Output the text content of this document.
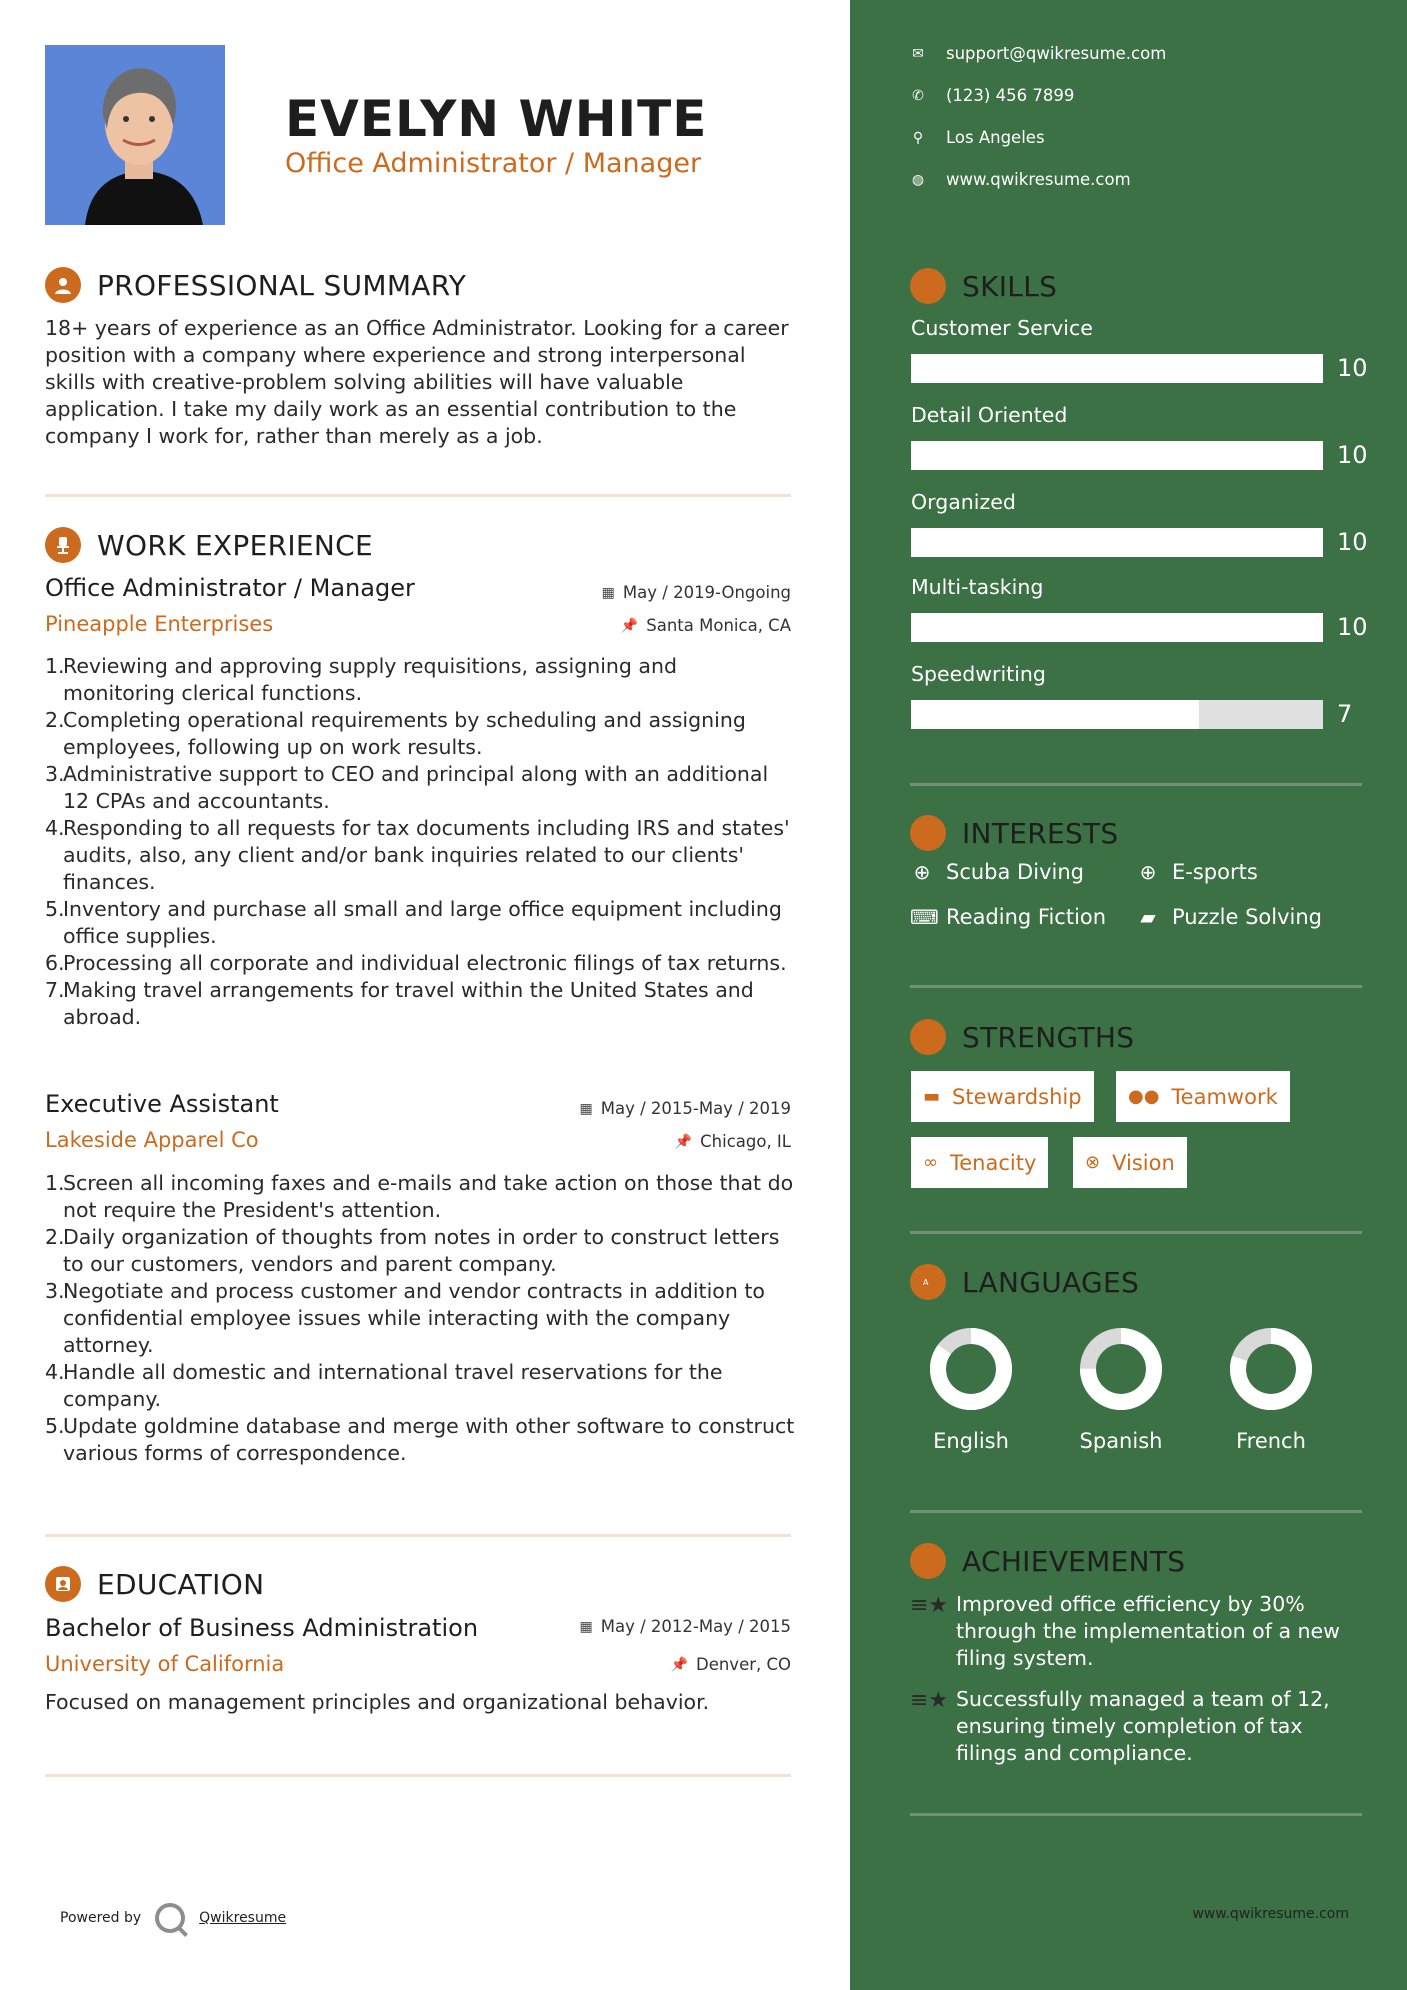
EVELYN WHITE
Office Administrator / Manager
PROFESSIONAL SUMMARY
18+ years of experience as an Office Administrator. Looking for a career position with a company where experience and strong interpersonal skills with creative-problem solving abilities will have valuable application. I take my daily work as an essential contribution to the company I work for, rather than merely as a job.
WORK EXPERIENCE
Office Administrator / Manager	▦ May / 2019-Ongoing
Pineapple Enterprises	📌 Santa Monica, CA
1.
Reviewing and approving supply requisitions, assigning and monitoring clerical functions.
2.
Completing operational requirements by scheduling and assigning employees, following up on work results.
3.
Administrative support to CEO and principal along with an additional 12 CPAs and accountants.
4.
Responding to all requests for tax documents including IRS and states' audits, also, any client and/or bank inquiries related to our clients' finances.
5.
Inventory and purchase all small and large office equipment including office supplies.
6.
Processing all corporate and individual electronic filings of tax returns.
7.
Making travel arrangements for travel within the United States and abroad.
Executive Assistant	▦ May / 2015-May / 2019
Lakeside Apparel Co	📌 Chicago, IL
1.
Screen all incoming faxes and e-mails and take action on those that do not require the President's attention.
2.
Daily organization of thoughts from notes in order to construct letters to our customers, vendors and parent company.
3.
Negotiate and process customer and vendor contracts in addition to confidential employee issues while interacting with the company attorney.
4.
Handle all domestic and international travel reservations for the company.
5.
Update goldmine database and merge with other software to construct various forms of correspondence.
EDUCATION
Bachelor of Business Administration	▦ May / 2012-May / 2015
University of California	📌 Denver, CO
Focused on management principles and organizational behavior.
Powered by	Qwikresume
✉ support@qwikresume.com
✆ (123) 456 7899
⚲ Los Angeles
◍ www.qwikresume.com
SKILLS
Customer Service
10
Detail Oriented
10
Organized
10
Multi-tasking
10
Speedwriting
7
INTERESTS
⊕ Scuba Diving	⊕ E-sports
⌨ Reading Fiction ▰ Puzzle Solving
STRENGTHS
▬ Stewardship	●● Teamwork
∞ Tenacity	⊗ Vision
A LANGUAGES
English	Spanish	French
ACHIEVEMENTS
≡★ Improved office efficiency by 30% through the implementation of a new filing system.
≡★ Successfully managed a team of 12, ensuring timely completion of tax filings and compliance.
www.qwikresume.com
